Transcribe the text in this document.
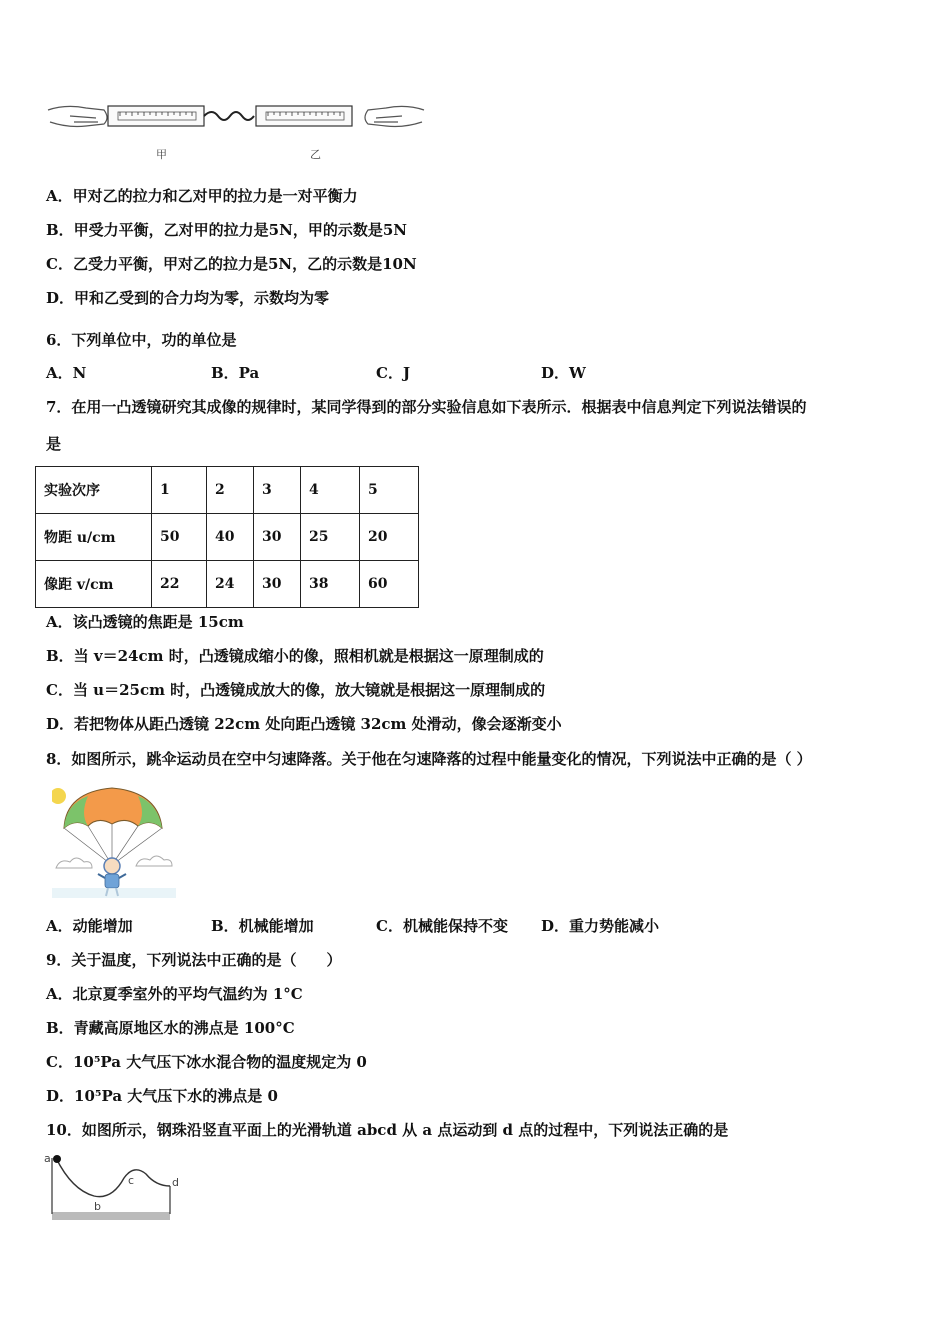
甲	乙
A．甲对乙的拉力和乙对甲的拉力是一对平衡力
B．甲受力平衡，乙对甲的拉力是5N，甲的示数是5N
C．乙受力平衡，甲对乙的拉力是5N，乙的示数是10N
D．甲和乙受到的合力均为零，示数均为零
6．下列单位中，功的单位是
A．N	B．Pa	C．J	D．W
7．在用一凸透镜研究其成像的规律时，某同学得到的部分实验信息如下表所示．根据表中信息判定下列说法错误的
是
实验次序	1	2	3	4	5
物距 u/cm	50	40	30	25	20
像距 v/cm	22	24	30	38	60
A．该凸透镜的焦距是 15cm
B．当 v＝24cm 时，凸透镜成缩小的像，照相机就是根据这一原理制成的
C．当 u＝25cm 时，凸透镜成放大的像，放大镜就是根据这一原理制成的
D．若把物体从距凸透镜 22cm 处向距凸透镜 32cm 处滑动，像会逐渐变小
8．如图所示，跳伞运动员在空中匀速降落。关于他在匀速降落的过程中能量变化的情况，下列说法中正确的是（ ）
A．动能增加	B．机械能增加	C．机械能保持不变 D．重力势能减小
9．关于温度，下列说法中正确的是（　　）
A．北京夏季室外的平均气温约为 1°C
B．青藏高原地区水的沸点是 100°C
C．10⁵Pa 大气压下冰水混合物的温度规定为 0
D．10⁵Pa 大气压下水的沸点是 0
10．如图所示，钢珠沿竖直平面上的光滑轨道 abcd 从 a 点运动到 d 点的过程中，下列说法正确的是
a
b
c	d
